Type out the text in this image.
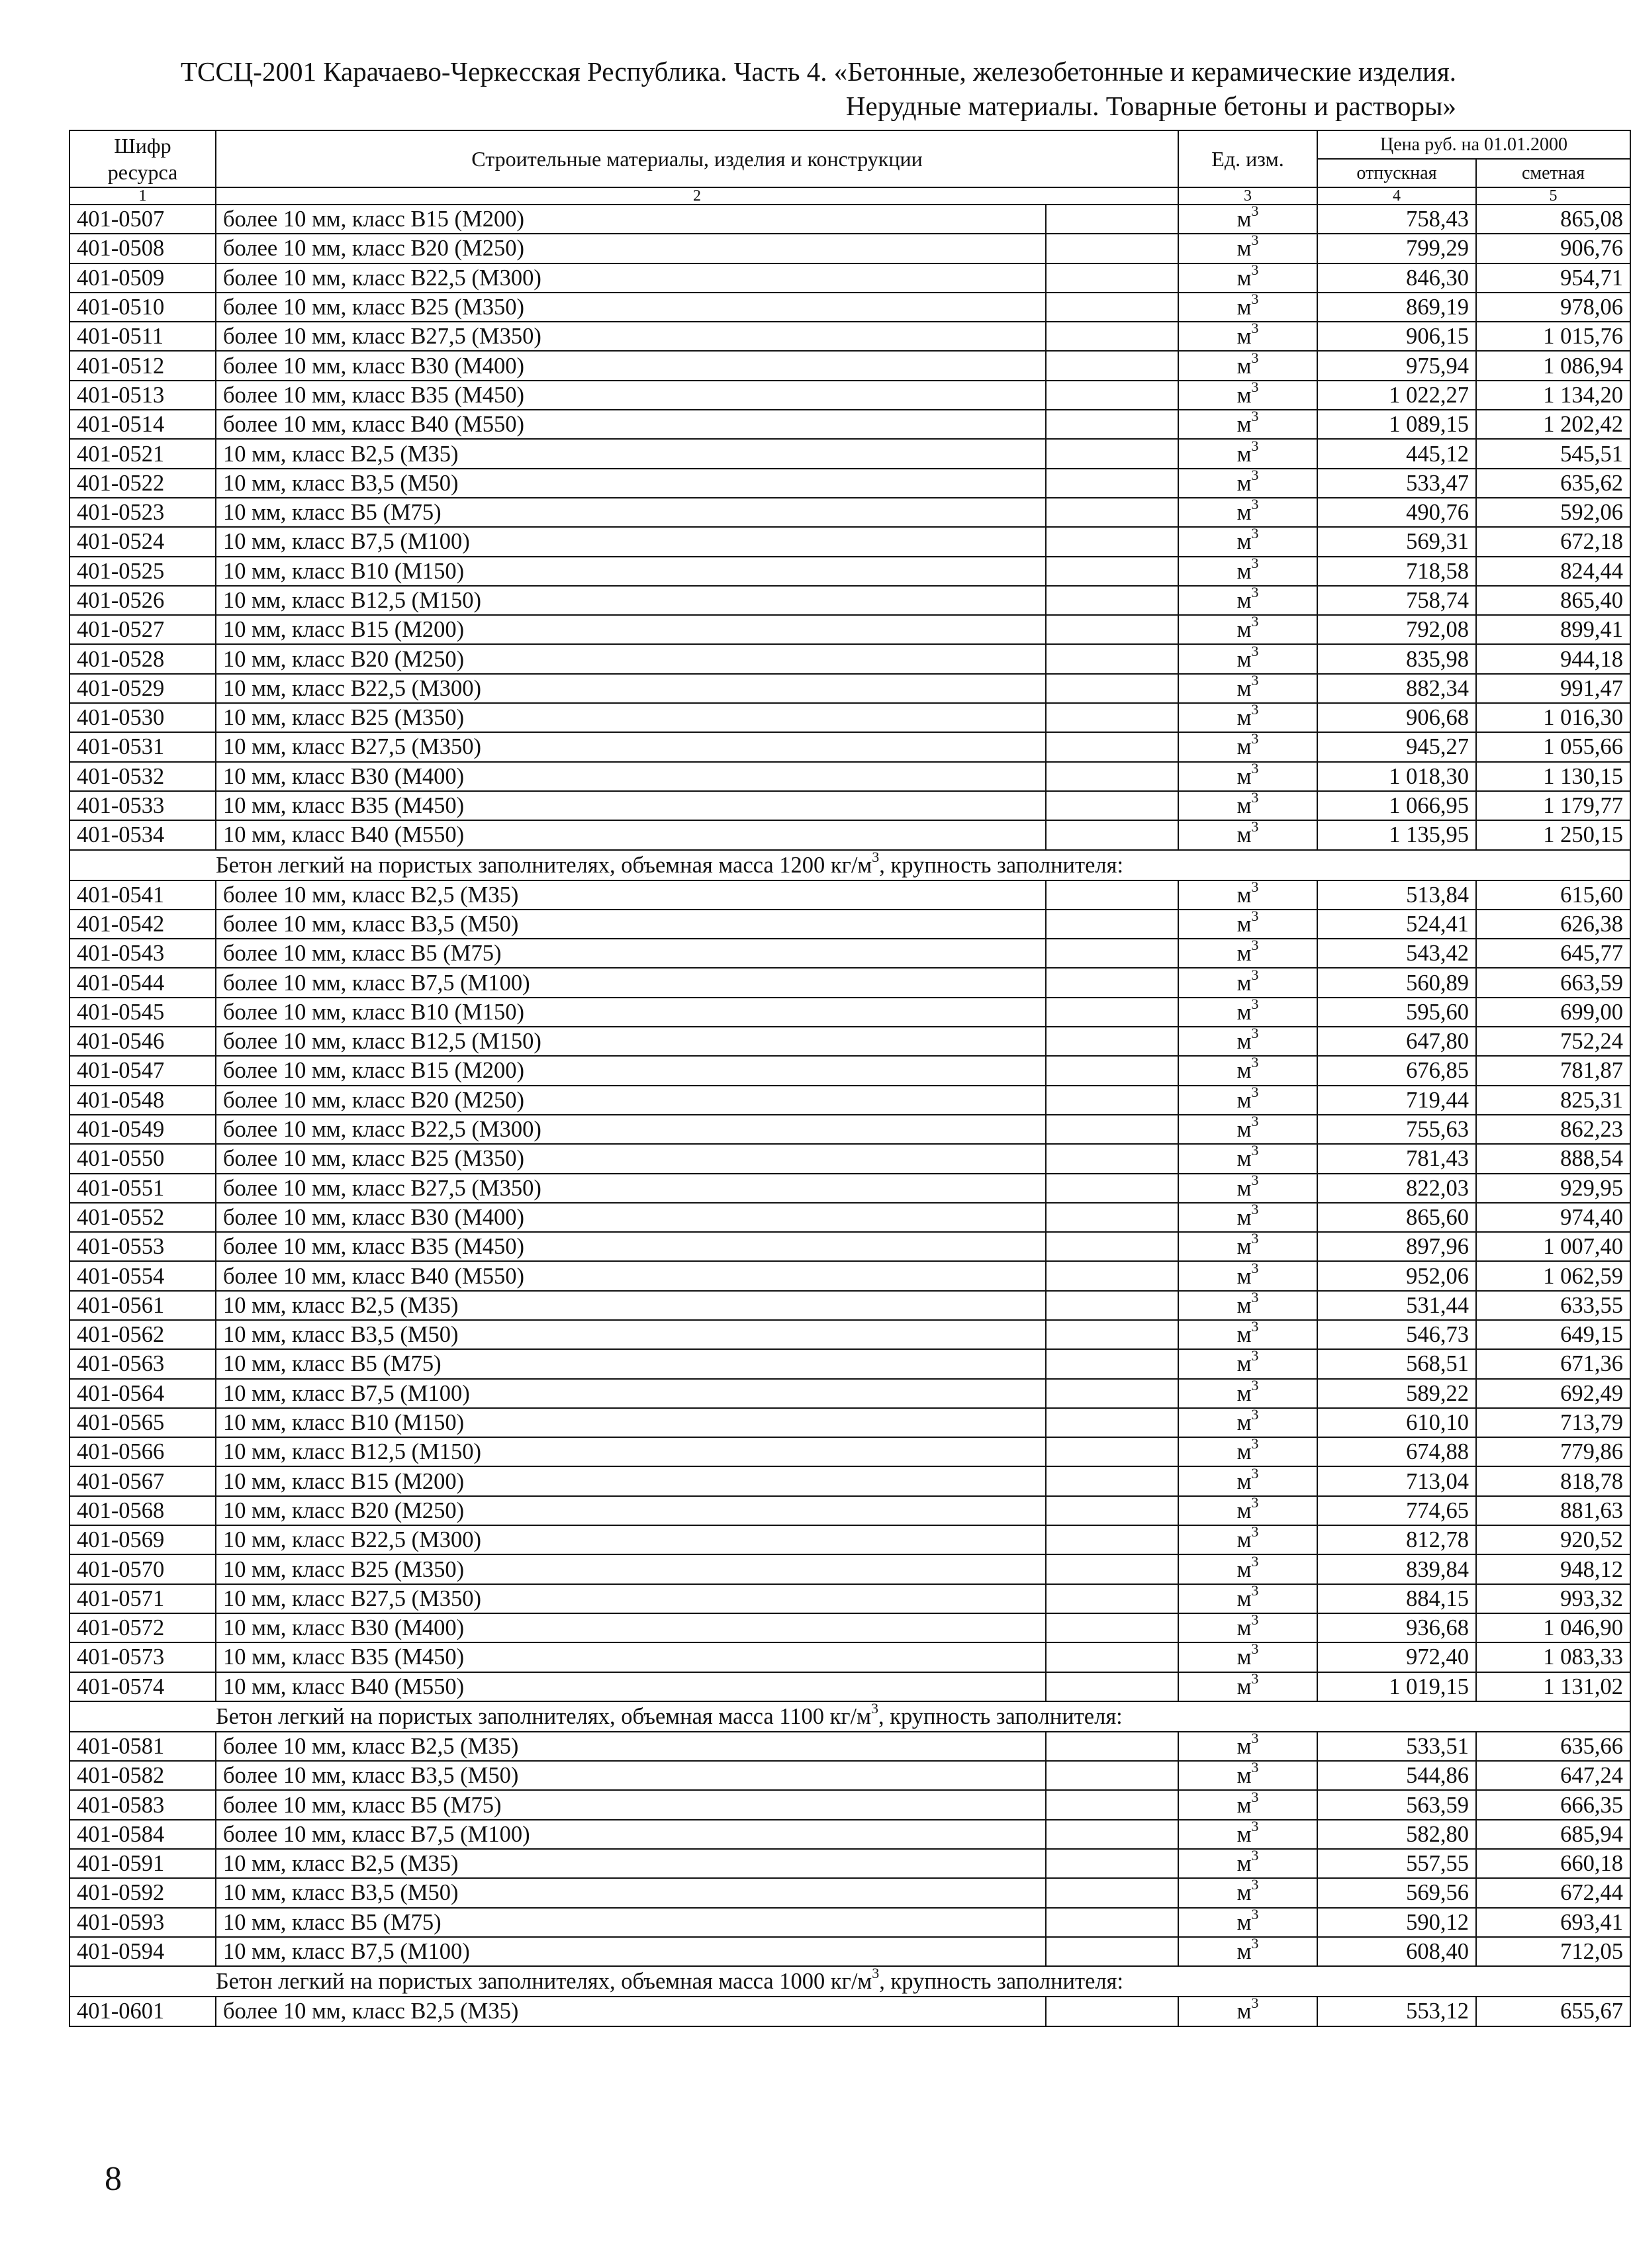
ТССЦ-2001 Карачаево-Черкесская Республика. Часть 4. «Бетонные, железобетонные и керамические изделия.
Нерудные материалы. Товарные бетоны и растворы»
Шифр ресурса	Строительные материалы, изделия и конструкции		Ед. изм.	Цена руб. на 01.01.2000	
				отпускная	сметная
1	2		3	4	5
401-0507	более 10 мм, класс В15 (М200)		$м^3$	758,43	865,08
401-0508	более 10 мм, класс В20 (М250)		$м^3$	799,29	906,76
401-0509	более 10 мм, класс В22,5 (М300)		$м^3$	846,30	954,71
401-0510	более 10 мм, класс В25 (М350)		$м^3$	869,19	978,06
401-0511	более 10 мм, класс В27,5 (М350)		$м^3$	906,15	1 015,76
401-0512	более 10 мм, класс В30 (М400)		$м^3$	975,94	1 086,94
401-0513	более 10 мм, класс В35 (М450)		$м^3$	1 022,27	1 134,20
401-0514	более 10 мм, класс В40 (М550)		$м^3$	1 089,15	1 202,42
401-0521	10 мм, класс В2,5 (М35)		$м^3$	445,12	545,51
401-0522	10 мм, класс В3,5 (М50)		$м^3$	533,47	635,62
401-0523	10 мм, класс В5 (М75)		$м^3$	490,76	592,06
401-0524	10 мм, класс В7,5 (М100)		$м^3$	569,31	672,18
401-0525	10 мм, класс В10 (М150)		$м^3$	718,58	824,44
401-0526	10 мм, класс В12,5 (М150)		$м^3$	758,74	865,40
401-0527	10 мм, класс В15 (М200)		$м^3$	792,08	899,41
401-0528	10 мм, класс В20 (М250)		$м^3$	835,98	944,18
401-0529	10 мм, класс В22,5 (М300)		$м^3$	882,34	991,47
401-0530	10 мм, класс В25 (М350)		$м^3$	906,68	1 016,30
401-0531	10 мм, класс В27,5 (М350)		$м^3$	945,27	1 055,66
401-0532	10 мм, класс В30 (М400)		$м^3$	1 018,30	1 130,15
401-0533	10 мм, класс В35 (М450)		$м^3$	1 066,95	1 179,77
401-0534	10 мм, класс В40 (М550)		$м^3$	1 135,95	1 250,15
Бетон легкий на пористых заполнителях, объемная масса 1200 $кг/м^3$, крупность заполнителя:					
401-0541	более 10 мм, класс В2,5 (М35)		$м^3$	513,84	615,60
401-0542	более 10 мм, класс В3,5 (М50)		$м^3$	524,41	626,38
401-0543	более 10 мм, класс В5 (М75)		$м^3$	543,42	645,77
401-0544	более 10 мм, класс В7,5 (М100)		$м^3$	560,89	663,59
401-0545	более 10 мм, класс В10 (М150)		$м^3$	595,60	699,00
401-0546	более 10 мм, класс В12,5 (М150)		$м^3$	647,80	752,24
401-0547	более 10 мм, класс В15 (М200)		$м^3$	676,85	781,87
401-0548	более 10 мм, класс В20 (М250)		$м^3$	719,44	825,31
401-0549	более 10 мм, класс В22,5 (М300)		$м^3$	755,63	862,23
401-0550	более 10 мм, класс В25 (М350)		$м^3$	781,43	888,54
401-0551	более 10 мм, класс В27,5 (М350)		$м^3$	822,03	929,95
401-0552	более 10 мм, класс В30 (М400)		$м^3$	865,60	974,40
401-0553	более 10 мм, класс В35 (М450)		$м^3$	897,96	1 007,40
401-0554	более 10 мм, класс В40 (М550)		$м^3$	952,06	1 062,59
401-0561	10 мм, класс В2,5 (М35)		$м^3$	531,44	633,55
401-0562	10 мм, класс В3,5 (М50)		$м^3$	546,73	649,15
401-0563	10 мм, класс В5 (М75)		$м^3$	568,51	671,36
401-0564	10 мм, класс В7,5 (М100)		$м^3$	589,22	692,49
401-0565	10 мм, класс В10 (М150)		$м^3$	610,10	713,79
401-0566	10 мм, класс В12,5 (М150)		$м^3$	674,88	779,86
401-0567	10 мм, класс В15 (М200)		$м^3$	713,04	818,78
401-0568	10 мм, класс В20 (М250)		$м^3$	774,65	881,63
401-0569	10 мм, класс В22,5 (М300)		$м^3$	812,78	920,52
401-0570	10 мм, класс В25 (М350)		$м^3$	839,84	948,12
401-0571	10 мм, класс В27,5 (М350)		$м^3$	884,15	993,32
401-0572	10 мм, класс В30 (М400)		$м^3$	936,68	1 046,90
401-0573	10 мм, класс В35 (М450)		$м^3$	972,40	1 083,33
401-0574	10 мм, класс В40 (М550)		$м^3$	1 019,15	1 131,02
Бетон легкий на пористых заполнителях, объемная масса 1100 $кг/м^3$, крупность заполнителя:					
401-0581	более 10 мм, класс В2,5 (М35)		$м^3$	533,51	635,66
401-0582	более 10 мм, класс В3,5 (М50)		$м^3$	544,86	647,24
401-0583	более 10 мм, класс В5 (М75)		$м^3$	563,59	666,35
401-0584	более 10 мм, класс В7,5 (М100)		$м^3$	582,80	685,94
401-0591	10 мм, класс В2,5 (М35)		$м^3$	557,55	660,18
401-0592	10 мм, класс В3,5 (М50)		$м^3$	569,56	672,44
401-0593	10 мм, класс В5 (М75)		$м^3$	590,12	693,41
401-0594	10 мм, класс В7,5 (М100)		$м^3$	608,40	712,05
Бетон легкий на пористых заполнителях, объемная масса 1000 $кг/м^3$, крупность заполнителя:					
401-0601	более 10 мм, класс В2,5 (М35)		$м^3$	553,12	655,67
8
